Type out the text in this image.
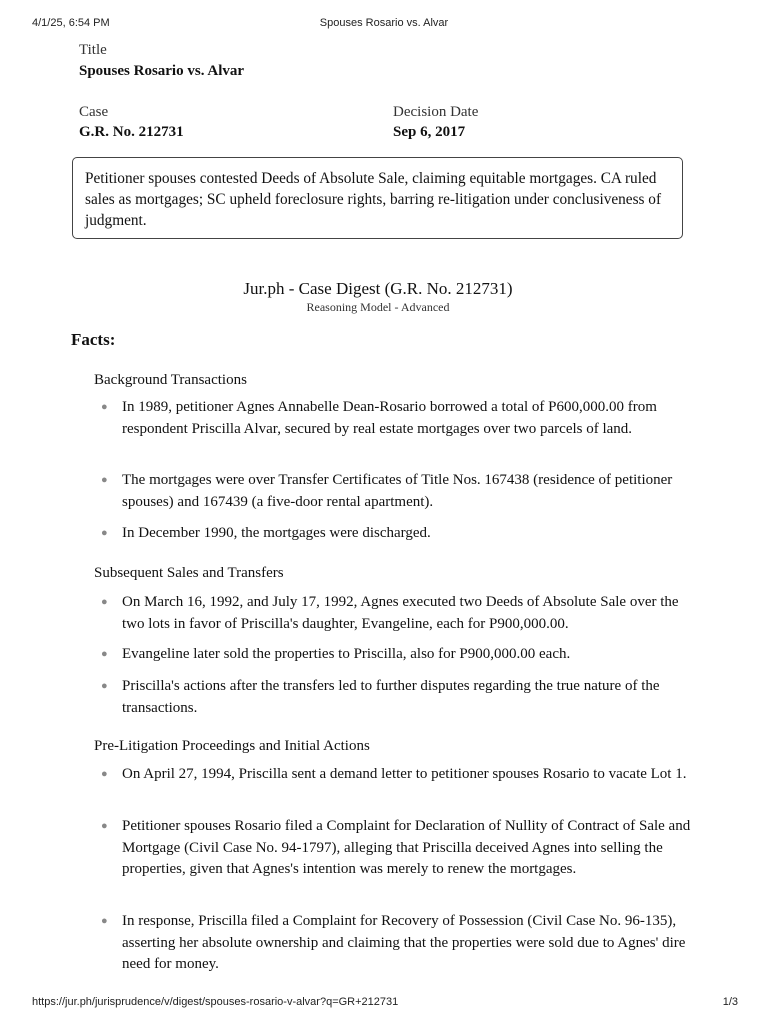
4/1/25, 6:54 PM	Spouses Rosario vs. Alvar
Title
Spouses Rosario vs. Alvar
Case
G.R. No. 212731
Decision Date
Sep 6, 2017
Petitioner spouses contested Deeds of Absolute Sale, claiming equitable mortgages. CA ruled sales as mortgages; SC upheld foreclosure rights, barring re-litigation under conclusiveness of judgment.
Jur.ph - Case Digest (G.R. No. 212731)
Reasoning Model - Advanced
Facts:
Background Transactions
● In 1989, petitioner Agnes Annabelle Dean-Rosario borrowed a total of P600,000.00 from respondent Priscilla Alvar, secured by real estate mortgages over two parcels of land.
● The mortgages were over Transfer Certificates of Title Nos. 167438 (residence of petitioner spouses) and 167439 (a five-door rental apartment).
● In December 1990, the mortgages were discharged.
Subsequent Sales and Transfers
● On March 16, 1992, and July 17, 1992, Agnes executed two Deeds of Absolute Sale over the two lots in favor of Priscilla's daughter, Evangeline, each for P900,000.00.
● Evangeline later sold the properties to Priscilla, also for P900,000.00 each.
● Priscilla's actions after the transfers led to further disputes regarding the true nature of the transactions.
Pre-Litigation Proceedings and Initial Actions
● On April 27, 1994, Priscilla sent a demand letter to petitioner spouses Rosario to vacate Lot 1.
● Petitioner spouses Rosario filed a Complaint for Declaration of Nullity of Contract of Sale and Mortgage (Civil Case No. 94-1797), alleging that Priscilla deceived Agnes into selling the properties, given that Agnes's intention was merely to renew the mortgages.
● In response, Priscilla filed a Complaint for Recovery of Possession (Civil Case No. 96-135), asserting her absolute ownership and claiming that the properties were sold due to Agnes' dire need for money.
https://jur.ph/jurisprudence/v/digest/spouses-rosario-v-alvar?q=GR+212731	1/3
